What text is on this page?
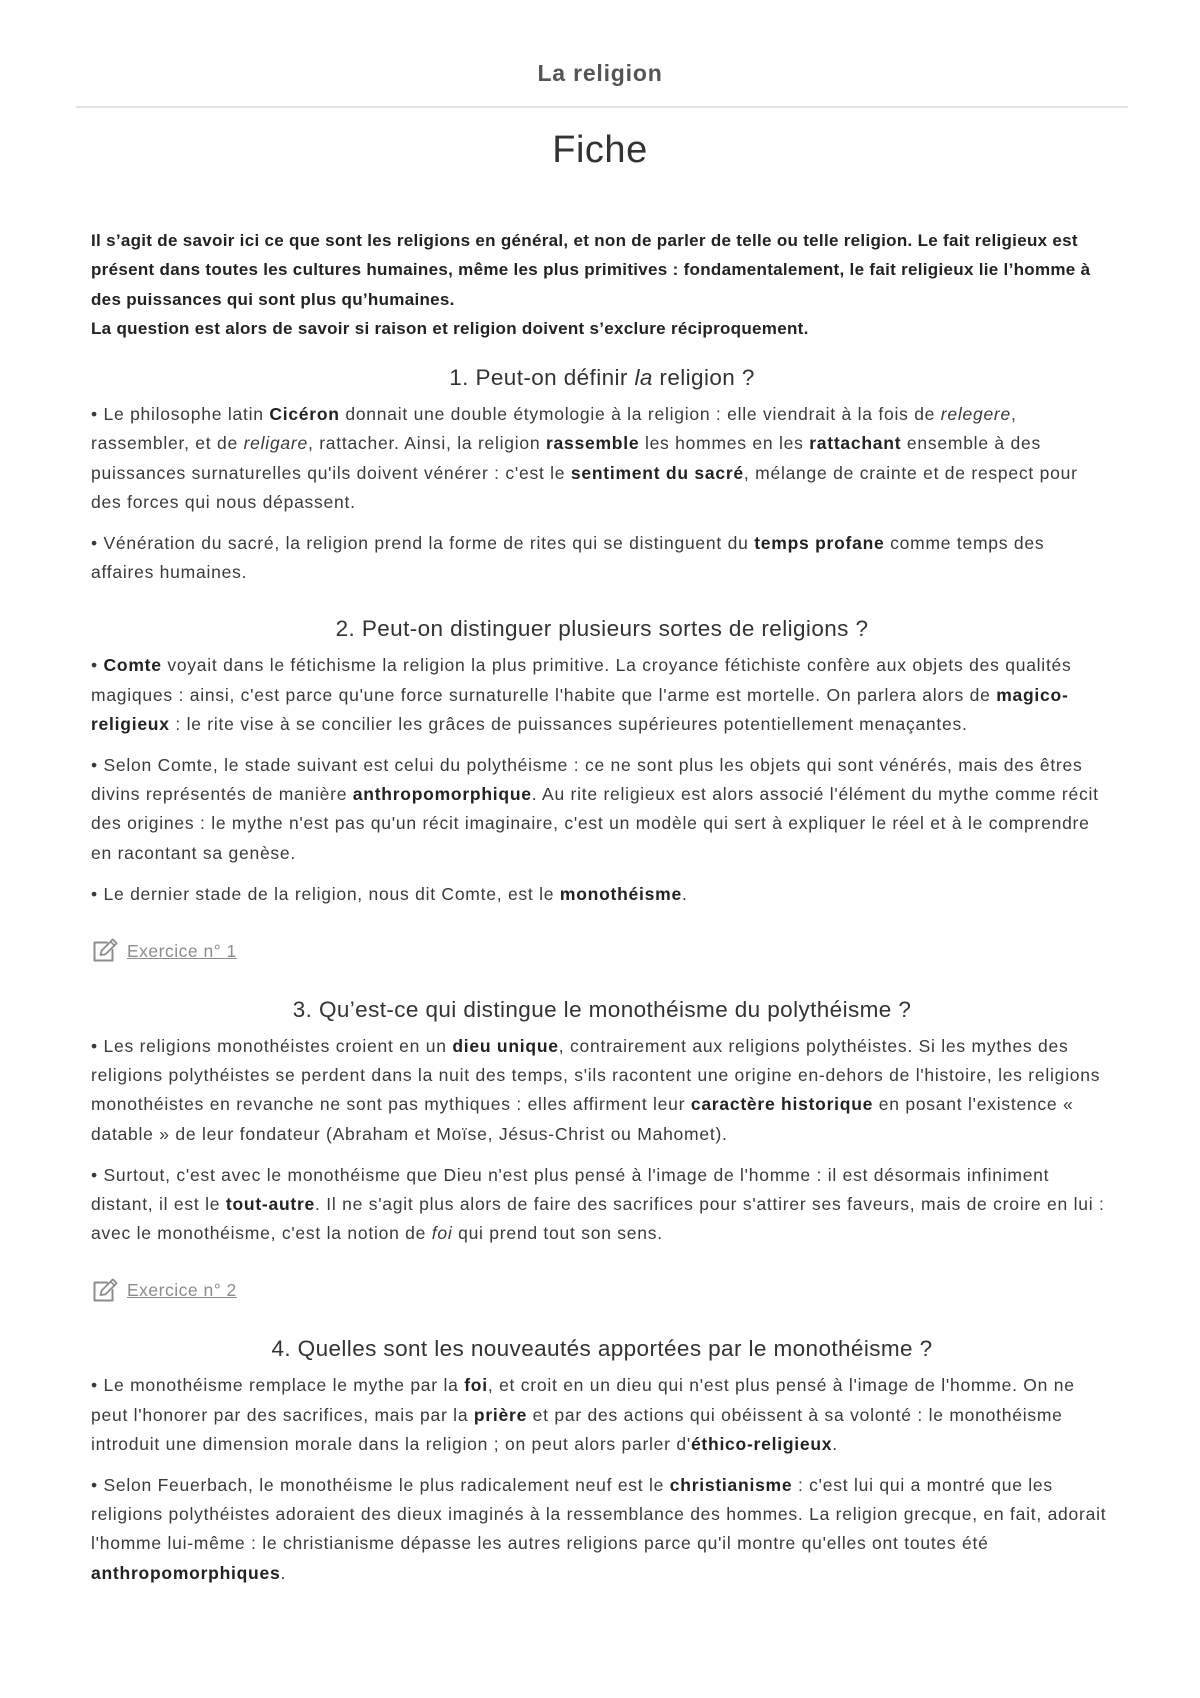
La religion
Fiche

Il s’agit de savoir ici ce que sont les religions en général, et non de parler de telle ou telle religion. Le fait religieux est présent dans toutes les cultures humaines, même les plus primitives : fondamentalement, le fait religieux lie l’homme à des puissances qui sont plus qu’humaines.

La question est alors de savoir si raison et religion doivent s’exclure réciproquement.

1. Peut-on définir la religion ?

• Le philosophe latin Cicéron donnait une double étymologie à la religion : elle viendrait à la fois de relegere, rassembler, et de religare, rattacher. Ainsi, la religion rassemble les hommes en les rattachant ensemble à des puissances surnaturelles qu'ils doivent vénérer : c'est le sentiment du sacré, mélange de crainte et de respect pour des forces qui nous dépassent.

• Vénération du sacré, la religion prend la forme de rites qui se distinguent du temps profane comme temps des affaires humaines.

2. Peut-on distinguer plusieurs sortes de religions ?

• Comte voyait dans le fétichisme la religion la plus primitive. La croyance fétichiste confère aux objets des qualités magiques : ainsi, c'est parce qu'une force surnaturelle l'habite que l'arme est mortelle. On parlera alors de magico-religieux : le rite vise à se concilier les grâces de puissances supérieures potentiellement menaçantes.

• Selon Comte, le stade suivant est celui du polythéisme : ce ne sont plus les objets qui sont vénérés, mais des êtres divins représentés de manière anthropomorphique. Au rite religieux est alors associé l'élément du mythe comme récit des origines : le mythe n'est pas qu'un récit imaginaire, c'est un modèle qui sert à expliquer le réel et à le comprendre en racontant sa genèse.

• Le dernier stade de la religion, nous dit Comte, est le monothéisme.

Exercice n° 1
3. Qu’est-ce qui distingue le monothéisme du polythéisme ?

• Les religions monothéistes croient en un dieu unique, contrairement aux religions polythéistes. Si les mythes des religions polythéistes se perdent dans la nuit des temps, s'ils racontent une origine en-dehors de l'histoire, les religions monothéistes en revanche ne sont pas mythiques : elles affirment leur caractère historique en posant l'existence « datable » de leur fondateur (Abraham et Moïse, Jésus-Christ ou Mahomet).

• Surtout, c'est avec le monothéisme que Dieu n'est plus pensé à l'image de l'homme : il est désormais infiniment distant, il est le tout-autre. Il ne s'agit plus alors de faire des sacrifices pour s'attirer ses faveurs, mais de croire en lui : avec le monothéisme, c'est la notion de foi qui prend tout son sens.

Exercice n° 2
4. Quelles sont les nouveautés apportées par le monothéisme ?

• Le monothéisme remplace le mythe par la foi, et croit en un dieu qui n'est plus pensé à l'image de l'homme. On ne peut l'honorer par des sacrifices, mais par la prière et par des actions qui obéissent à sa volonté : le monothéisme introduit une dimension morale dans la religion ; on peut alors parler d'éthico-religieux.

• Selon Feuerbach, le monothéisme le plus radicalement neuf est le christianisme : c'est lui qui a montré que les religions polythéistes adoraient des dieux imaginés à la ressemblance des hommes. La religion grecque, en fait, adorait l'homme lui-même : le christianisme dépasse les autres religions parce qu'il montre qu'elles ont toutes été anthropomorphiques.
